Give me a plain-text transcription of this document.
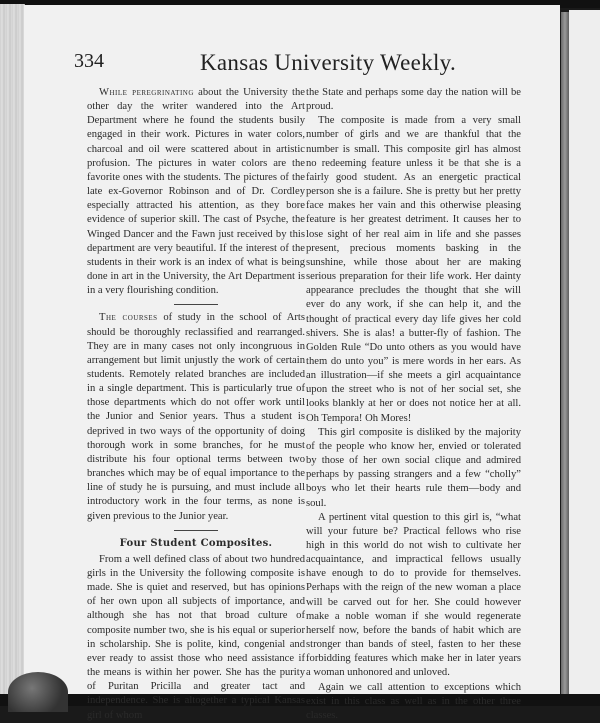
334	Kansas University Weekly.

While peregrinating about the University the other day the writer wandered into the Art Department where he found the students busily engaged in their work. Pictures in water colors, charcoal and oil were scattered about in artistic profusion. The pictures in water colors are the favorite ones with the students. The pictures of the late ex-Governor Robinson and of Dr. Cordley especially attracted his attention, as they bore evidence of superior skill. The cast of Psyche, the Winged Dancer and the Fawn just received by this department are very beautiful. If the interest of the students in their work is an index of what is being done in art in the University, the Art Department is in a very flourishing condition.

The courses of study in the school of Arts should be thoroughly reclassified and rearranged. They are in many cases not only incongruous in arrangement but limit unjustly the work of certain students. Remotely related branches are included in a single department. This is particularly true of those departments which do not offer work until the Junior and Senior years. Thus a student is deprived in two ways of the opportunity of doing thorough work in some branches, for he must distribute his four optional terms between two branches which may be of equal importance to the line of study he is pursuing, and must include all introductory work in the four terms, as none is given previous to the Junior year.

Four Student Composites.

From a well defined class of about two hundred girls in the University the following composite is made. She is quiet and reserved, but has opinions of her own upon all subjects of importance, and although she has not that broad culture of composite number two, she is his equal or superior in scholarship. She is polite, kind, congenial and ever ready to assist those who need assistance if the means is within her power. She has the purity of Puritan Pricilla and greater tact and independence. She is altogether a typical Kansas girl of whom

the State and perhaps some day the nation will be proud.

The composite is made from a very small number of girls and we are thankful that the number is small. This composite girl has almost no redeeming feature unless it be that she is a fairly good student. As an energetic practical person she is a failure. She is pretty but her pretty face makes her vain and this otherwise pleasing feature is her greatest detriment. It causes her to lose sight of her real aim in life and she passes present, precious moments basking in the sunshine, while those about her are making serious preparation for their life work. Her dainty appearance precludes the thought that she will ever do any work, if she can help it, and the thought of practical every day life gives her cold shivers. She is alas! a butter-fly of fashion. The Golden Rule “Do unto others as you would have them do unto you” is mere words in her ears. As an illustration—if she meets a girl acquaintance upon the street who is not of her social set, she looks blankly at her or does not notice her at all. Oh Tempora! Oh Mores!

This girl composite is disliked by the majority of the people who know her, envied or tolerated by those of her own social clique and admired perhaps by passing strangers and a few “cholly” boys who let their hearts rule them—body and soul.

A pertinent vital question to this girl is, “what will your future be? Practical fellows who rise high in this world do not wish to cultivate her acquaintance, and impractical fellows usually have enough to do to provide for themselves. Perhaps with the reign of the new woman a place will be carved out for her. She could however make a noble woman if she would regenerate herself now, before the bands of habit which are stronger than bands of steel, fasten to her these forbidding features which make her in later years a woman unhonored and unloved.

Again we call attention to exceptions which exist in this class as well as in the other three classes.
